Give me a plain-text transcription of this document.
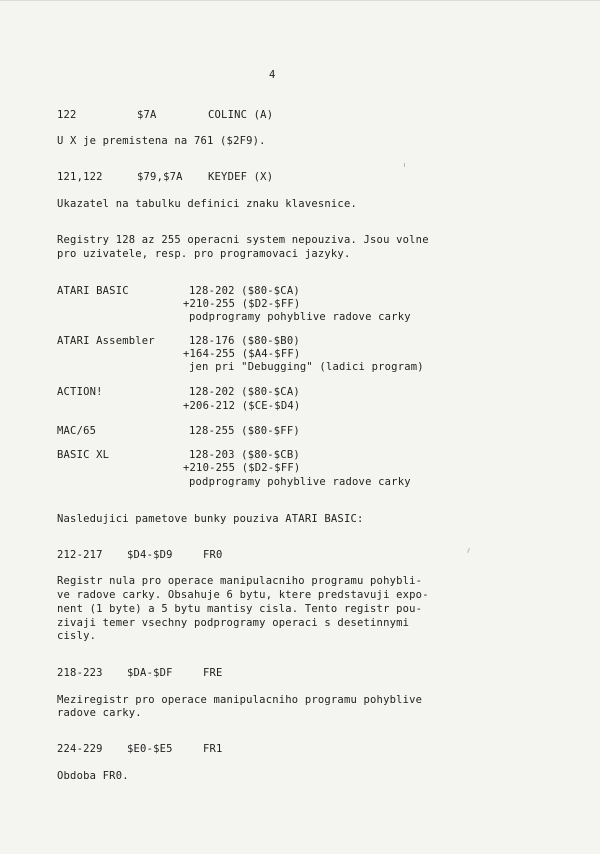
4
122	$7A	COLINC (A)
U X je premistena na 761 ($2F9).
121,122	$79,$7A KEYDEF (X)
Ukazatel na tabulku definici znaku klavesnice.
Registry 128 az 255 operacni system nepouziva. Jsou volne
pro uzivatele, resp. pro programovaci jazyky.
ATARI BASIC	128-202 ($80-$CA)
+210-255 ($D2-$FF)
podprogramy pohyblive radove carky
ATARI Assembler	128-176 ($80-$B0)
+164-255 ($A4-$FF)
jen pri "Debugging" (ladici program)
ACTION!	128-202 ($80-$CA)
+206-212 ($CE-$D4)
MAC/65	128-255 ($80-$FF)
BASIC XL	128-203 ($80-$CB)
+210-255 ($D2-$FF)
podprogramy pohyblive radove carky
Nasledujici pametove bunky pouziva ATARI BASIC:
212-217 $D4-$D9	FR0
Registr nula pro operace manipulacniho programu pohybli-
ve radove carky. Obsahuje 6 bytu, ktere predstavuji expo-
nent (1 byte) a 5 bytu mantisy cisla. Tento registr pou-
zivaji temer vsechny podprogramy operaci s desetinnymi
cisly.
218-223 $DA-$DF	FRE
Meziregistr pro operace manipulacniho programu pohyblive
radove carky.
224-229 $E0-$E5	FR1
Obdoba FR0.
